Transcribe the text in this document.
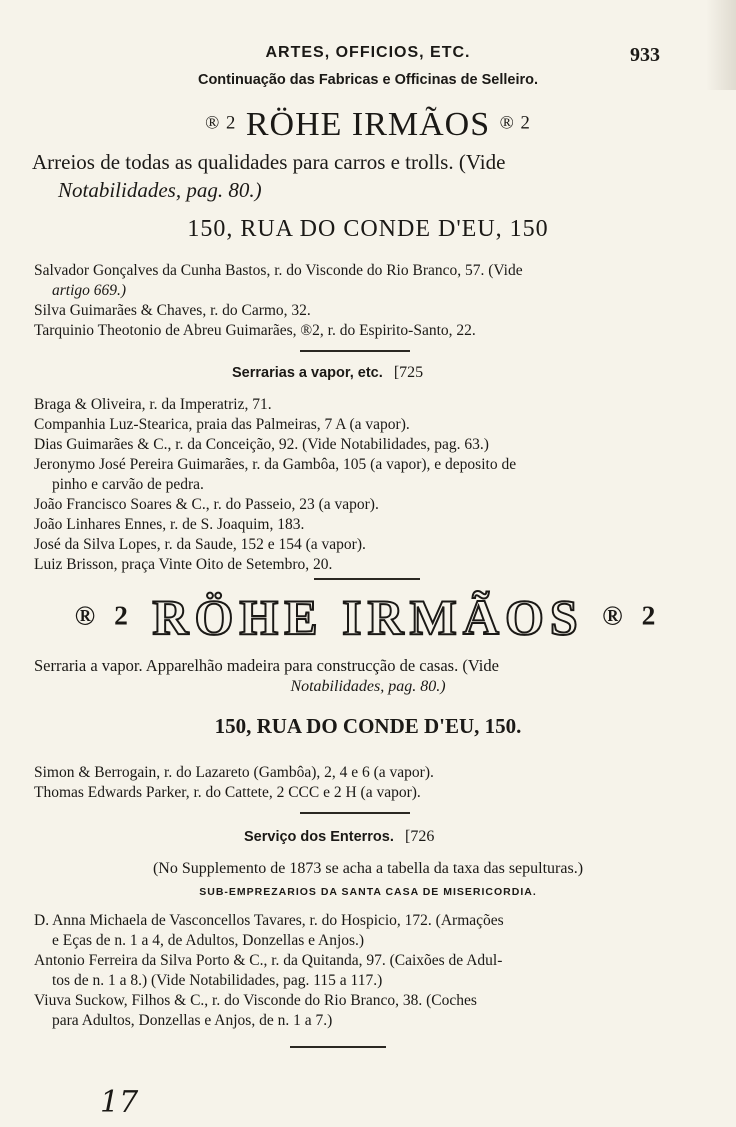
ARTES, OFFICIOS, ETC.	933
Continuação das Fabricas e Officinas de Selleiro.
® 2 RÖHE IRMÃOS ® 2
Arreios de todas as qualidades para carros e trolls. (Vide
Notabilidades, pag. 80.)
150, RUA DO CONDE D'EU, 150
Salvador Gonçalves da Cunha Bastos, r. do Visconde do Rio Branco, 57. (Vide
artigo 669.)
Silva Guimarães & Chaves, r. do Carmo, 32.
Tarquinio Theotonio de Abreu Guimarães, ®2, r. do Espirito-Santo, 22.
Serrarias a vapor, etc. [725
Braga & Oliveira, r. da Imperatriz, 71.
Companhia Luz-Stearica, praia das Palmeiras, 7 A (a vapor).
Dias Guimarães & C., r. da Conceição, 92. (Vide Notabilidades, pag. 63.)
Jeronymo José Pereira Guimarães, r. da Gambôa, 105 (a vapor), e deposito de
pinho e carvão de pedra.
João Francisco Soares & C., r. do Passeio, 23 (a vapor).
João Linhares Ennes, r. de S. Joaquim, 183.
José da Silva Lopes, r. da Saude, 152 e 154 (a vapor).
Luiz Brisson, praça Vinte Oito de Setembro, 20.
® 2 RÖHE IRMÃOS ® 2
Serraria a vapor. Apparelhão madeira para construcção de casas. (Vide
Notabilidades, pag. 80.)
150, RUA DO CONDE D'EU, 150.
Simon & Berrogain, r. do Lazareto (Gambôa), 2, 4 e 6 (a vapor).
Thomas Edwards Parker, r. do Cattete, 2 CCC e 2 H (a vapor).
Serviço dos Enterros. [726
(No Supplemento de 1873 se acha a tabella da taxa das sepulturas.)
SUB-EMPREZARIOS DA SANTA CASA DE MISERICORDIA.
D. Anna Michaela de Vasconcellos Tavares, r. do Hospicio, 172. (Armações
e Eças de n. 1 a 4, de Adultos, Donzellas e Anjos.)
Antonio Ferreira da Silva Porto & C., r. da Quitanda, 97. (Caixões de Adul-
tos de n. 1 a 8.) (Vide Notabilidades, pag. 115 a 117.)
Viuva Suckow, Filhos & C., r. do Visconde do Rio Branco, 38. (Coches
para Adultos, Donzellas e Anjos, de n. 1 a 7.)
17
